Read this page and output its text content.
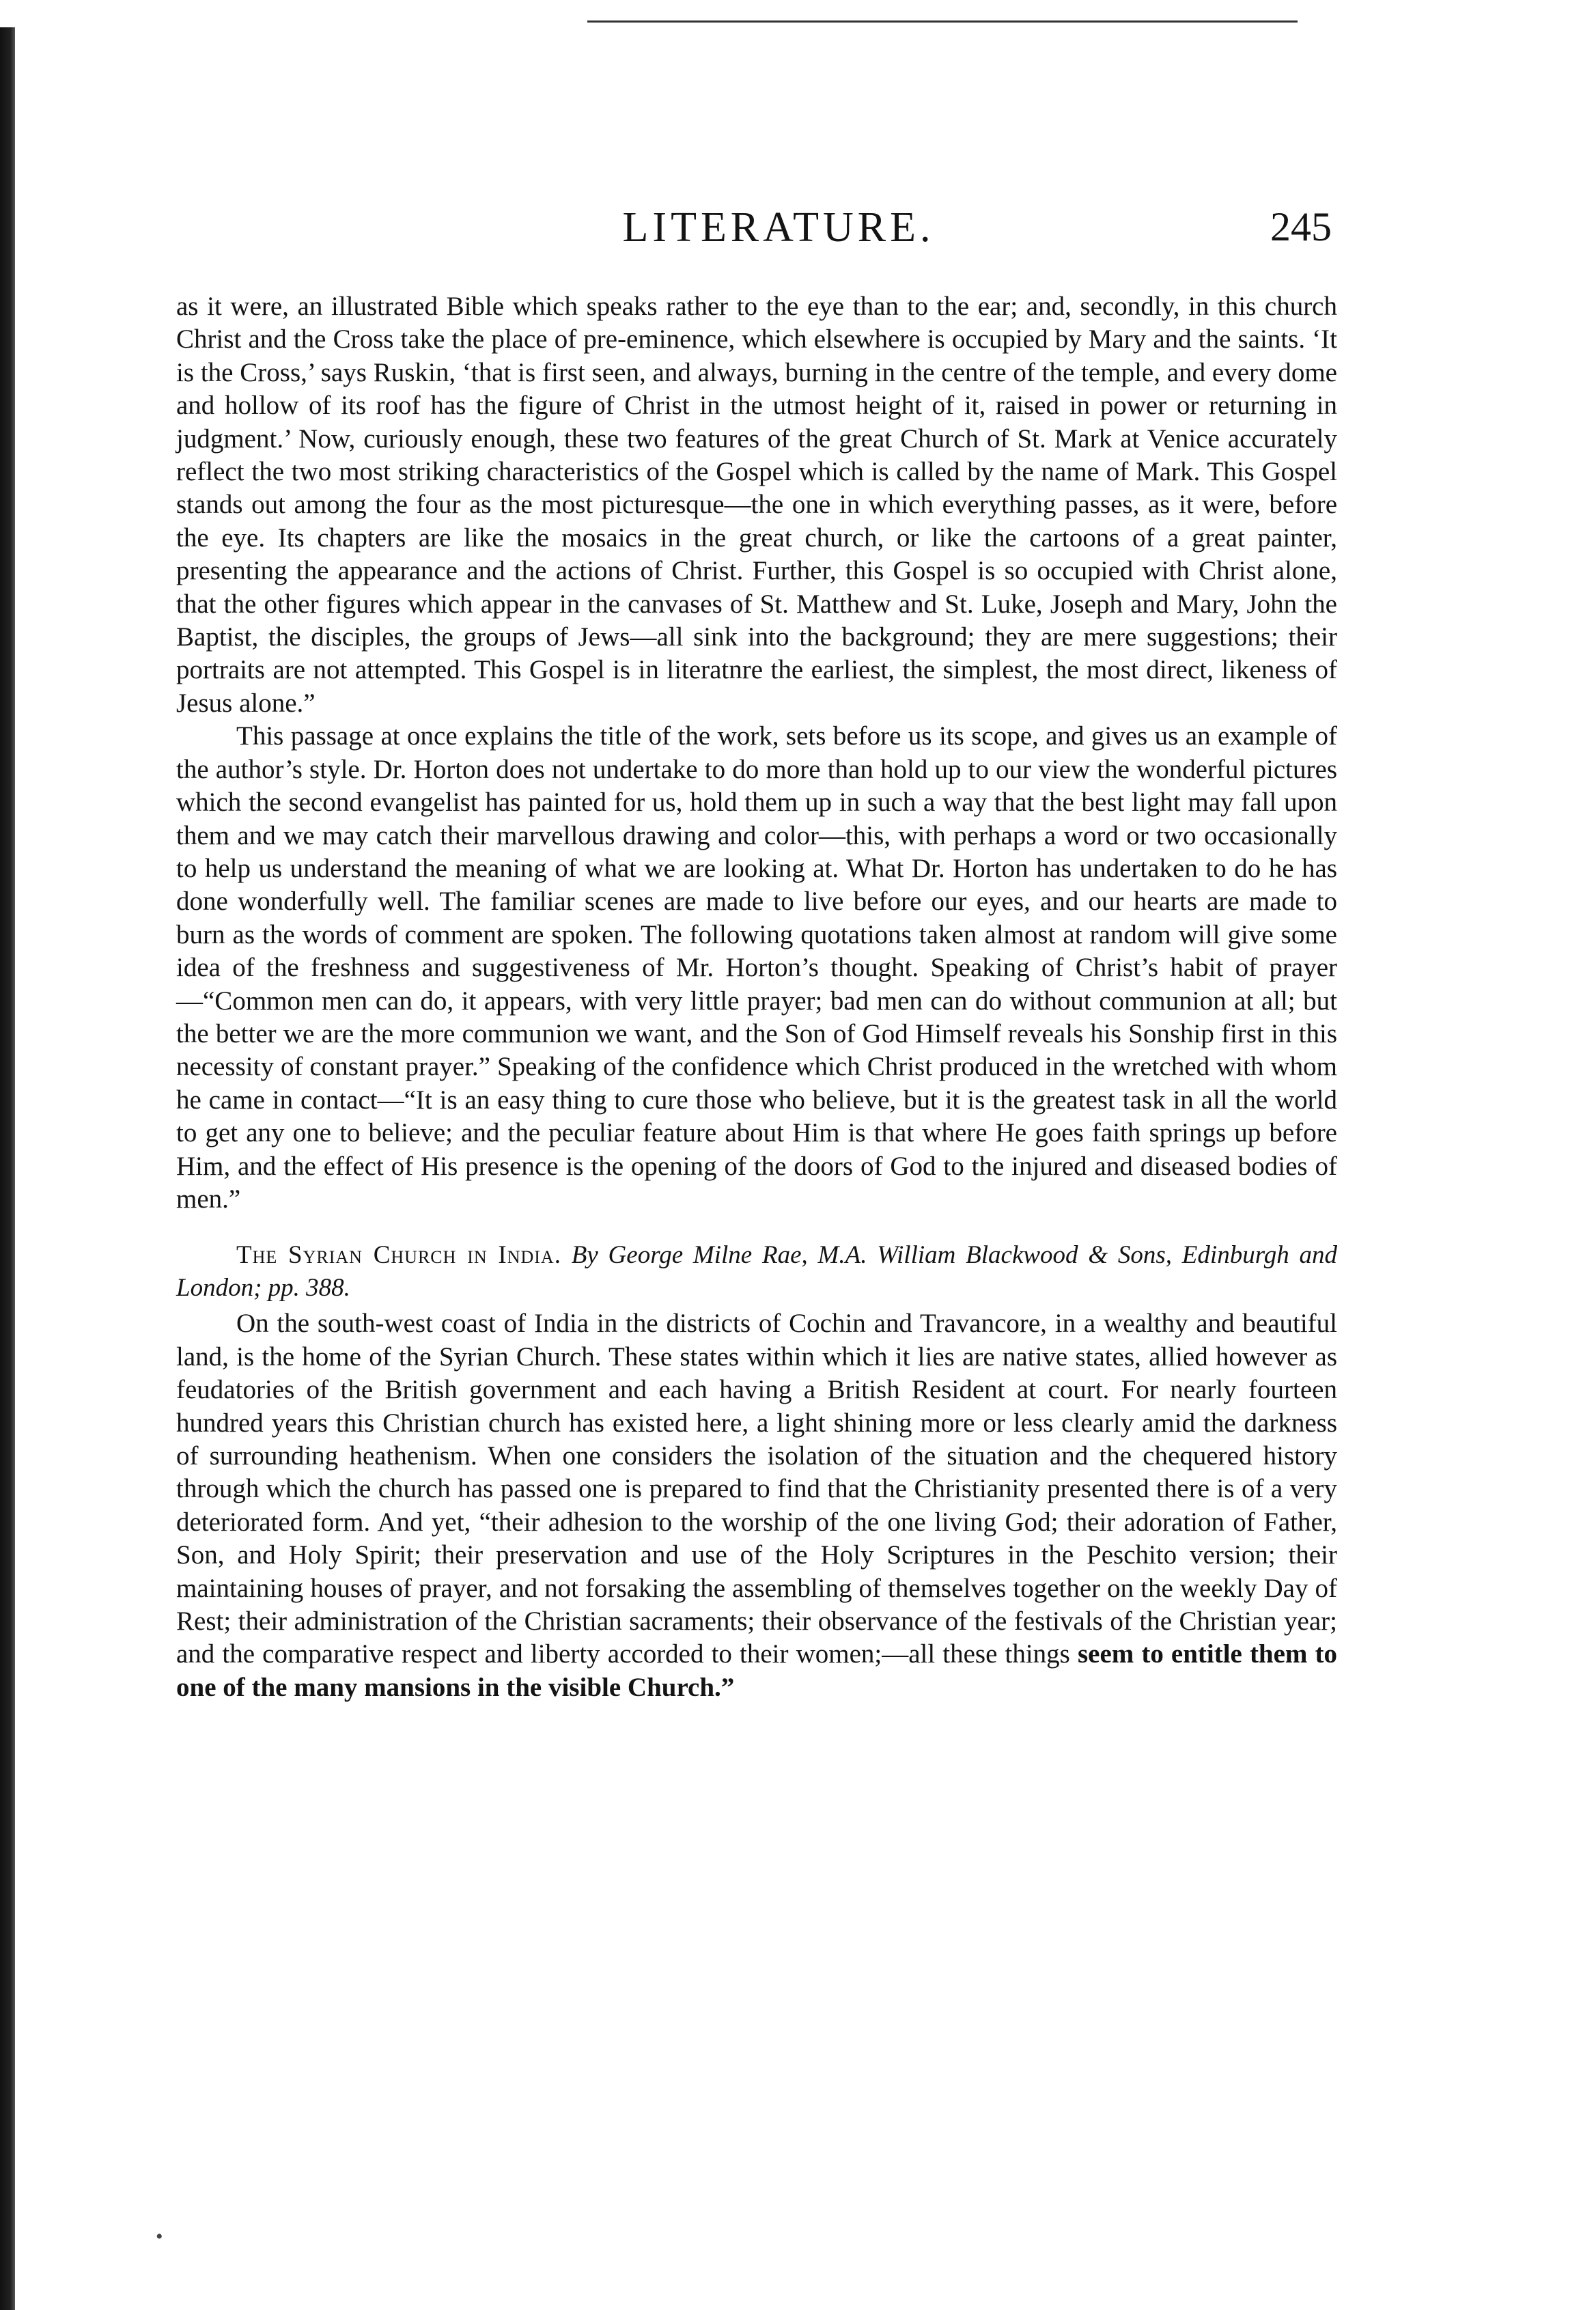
LITERATURE.	245

as it were, an illustrated Bible which speaks rather to the eye than to the ear; and, secondly, in this church Christ and the Cross take the place of pre-eminence, which elsewhere is occupied by Mary and the saints. ‘It is the Cross,’ says Ruskin, ‘that is first seen, and always, burning in the centre of the temple, and every dome and hollow of its roof has the figure of Christ in the utmost height of it, raised in power or returning in judgment.’ Now, curiously enough, these two features of the great Church of St. Mark at Venice accurately reflect the two most striking characteristics of the Gospel which is called by the name of Mark. This Gospel stands out among the four as the most picturesque—the one in which everything passes, as it were, before the eye. Its chapters are like the mosaics in the great church, or like the cartoons of a great painter, presenting the appearance and the actions of Christ. Further, this Gospel is so occupied with Christ alone, that the other figures which appear in the canvases of St. Matthew and St. Luke, Joseph and Mary, John the Baptist, the disciples, the groups of Jews—all sink into the background; they are mere suggestions; their portraits are not attempted. This Gospel is in literatnre the earliest, the simplest, the most direct, likeness of Jesus alone.”

This passage at once explains the title of the work, sets before us its scope, and gives us an example of the author’s style. Dr. Horton does not undertake to do more than hold up to our view the wonderful pictures which the second evangelist has painted for us, hold them up in such a way that the best light may fall upon them and we may catch their marvellous drawing and color—this, with perhaps a word or two occasionally to help us understand the meaning of what we are looking at. What Dr. Horton has undertaken to do he has done wonderfully well. The familiar scenes are made to live before our eyes, and our hearts are made to burn as the words of comment are spoken. The following quotations taken almost at random will give some idea of the freshness and suggestiveness of Mr. Horton’s thought. Speaking of Christ’s habit of prayer—“Common men can do, it appears, with very little prayer; bad men can do without communion at all; but the better we are the more communion we want, and the Son of God Himself reveals his Sonship first in this necessity of constant prayer.” Speaking of the confidence which Christ produced in the wretched with whom he came in contact—“It is an easy thing to cure those who believe, but it is the greatest task in all the world to get any one to believe; and the peculiar feature about Him is that where He goes faith springs up before Him, and the effect of His presence is the opening of the doors of God to the injured and diseased bodies of men.”

The Syrian Church in India. By George Milne Rae, M.A. William Blackwood & Sons, Edinburgh and London; pp. 388.

On the south-west coast of India in the districts of Cochin and Travancore, in a wealthy and beautiful land, is the home of the Syrian Church. These states within which it lies are native states, allied however as feudatories of the British government and each having a British Resident at court. For nearly fourteen hundred years this Christian church has existed here, a light shining more or less clearly amid the darkness of surrounding heathenism. When one considers the isolation of the situation and the chequered history through which the church has passed one is prepared to find that the Christianity presented there is of a very deteriorated form. And yet, “their adhesion to the worship of the one living God; their adoration of Father, Son, and Holy Spirit; their preservation and use of the Holy Scriptures in the Peschito version; their maintaining houses of prayer, and not forsaking the assembling of themselves together on the weekly Day of Rest; their administration of the Christian sacraments; their observance of the festivals of the Christian year; and the comparative respect and liberty accorded to their women;—all these things seem to entitle them to one of the many mansions in the visible Church.”

•
